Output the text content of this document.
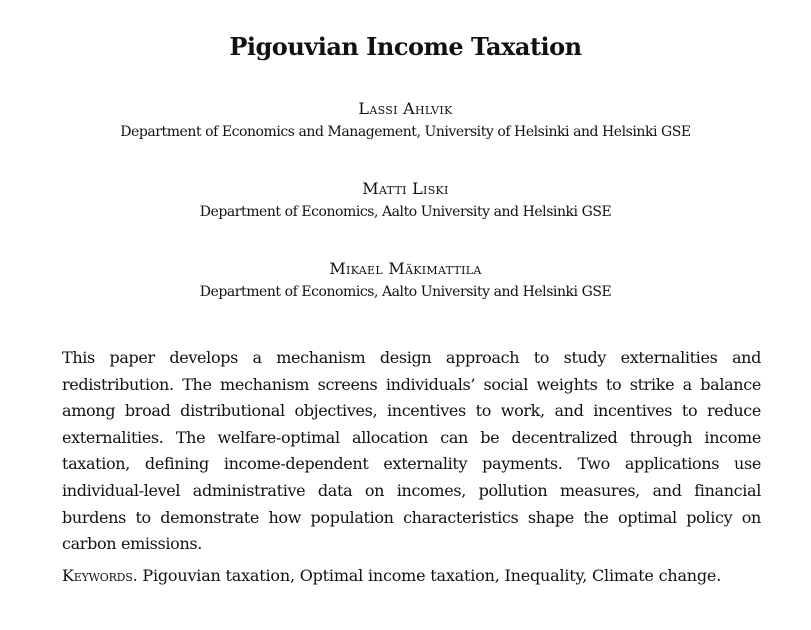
Pigouvian Income Taxation
Lassi Ahlvik
Department of Economics and Management, University of Helsinki and Helsinki GSE
Matti Liski
Department of Economics, Aalto University and Helsinki GSE
Mikael Mäkimattila
Department of Economics, Aalto University and Helsinki GSE

This paper develops a mechanism design approach to study externalities and redistribution. The mechanism screens individuals’ social weights to strike a balance among broad distributional objectives, incentives to work, and incentives to reduce externalities. The welfare-optimal allocation can be decentralized through income taxation, defining income-dependent externality payments. Two applications use individual-level administrative data on incomes, pollution measures, and financial burdens to demonstrate how population characteristics shape the optimal policy on carbon emissions.

Keywords. Pigouvian taxation, Optimal income taxation, Inequality, Climate change.
